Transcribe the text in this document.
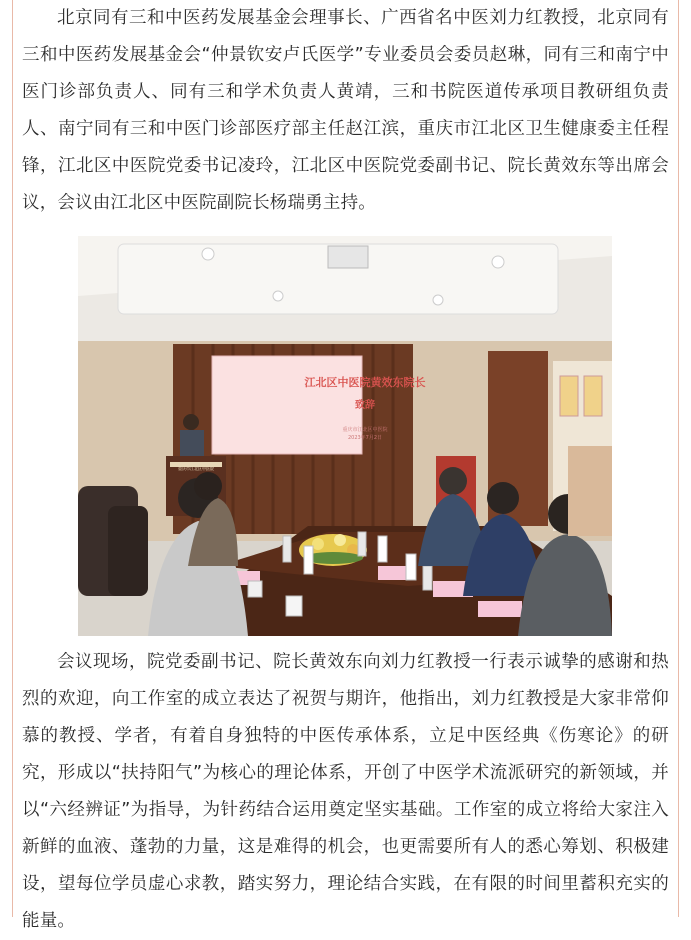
北京同有三和中医药发展基金会理事长、广西省名中医刘力红教授，北京同有三和中医药发展基金会“仲景钦安卢氏医学”专业委员会委员赵琳，同有三和南宁中医门诊部负责人、同有三和学术负责人黄靖，三和书院医道传承项目教研组负责人、南宁同有三和中医门诊部医疗部主任赵江滨，重庆市江北区卫生健康委主任程锋，江北区中医院党委书记凌玲，江北区中医院党委副书记、院长黄效东等出席会议，会议由江北区中医院副院长杨瑞勇主持。

江北区中医院黄效东院长
致辞
重庆市江北区中医院
2023年7月2日
重庆市江北区中医院

会议现场，院党委副书记、院长黄效东向刘力红教授一行表示诚挚的感谢和热烈的欢迎，向工作室的成立表达了祝贺与期许，他指出，刘力红教授是大家非常仰慕的教授、学者，有着自身独特的中医传承体系，立足中医经典《伤寒论》的研究，形成以“扶持阳气”为核心的理论体系，开创了中医学术流派研究的新领域，并以“六经辨证”为指导，为针药结合运用奠定坚实基础。工作室的成立将给大家注入新鲜的血液、蓬勃的力量，这是难得的机会，也更需要所有人的悉心筹划、积极建设，望每位学员虚心求教，踏实努力，理论结合实践，在有限的时间里蓄积充实的能量。
